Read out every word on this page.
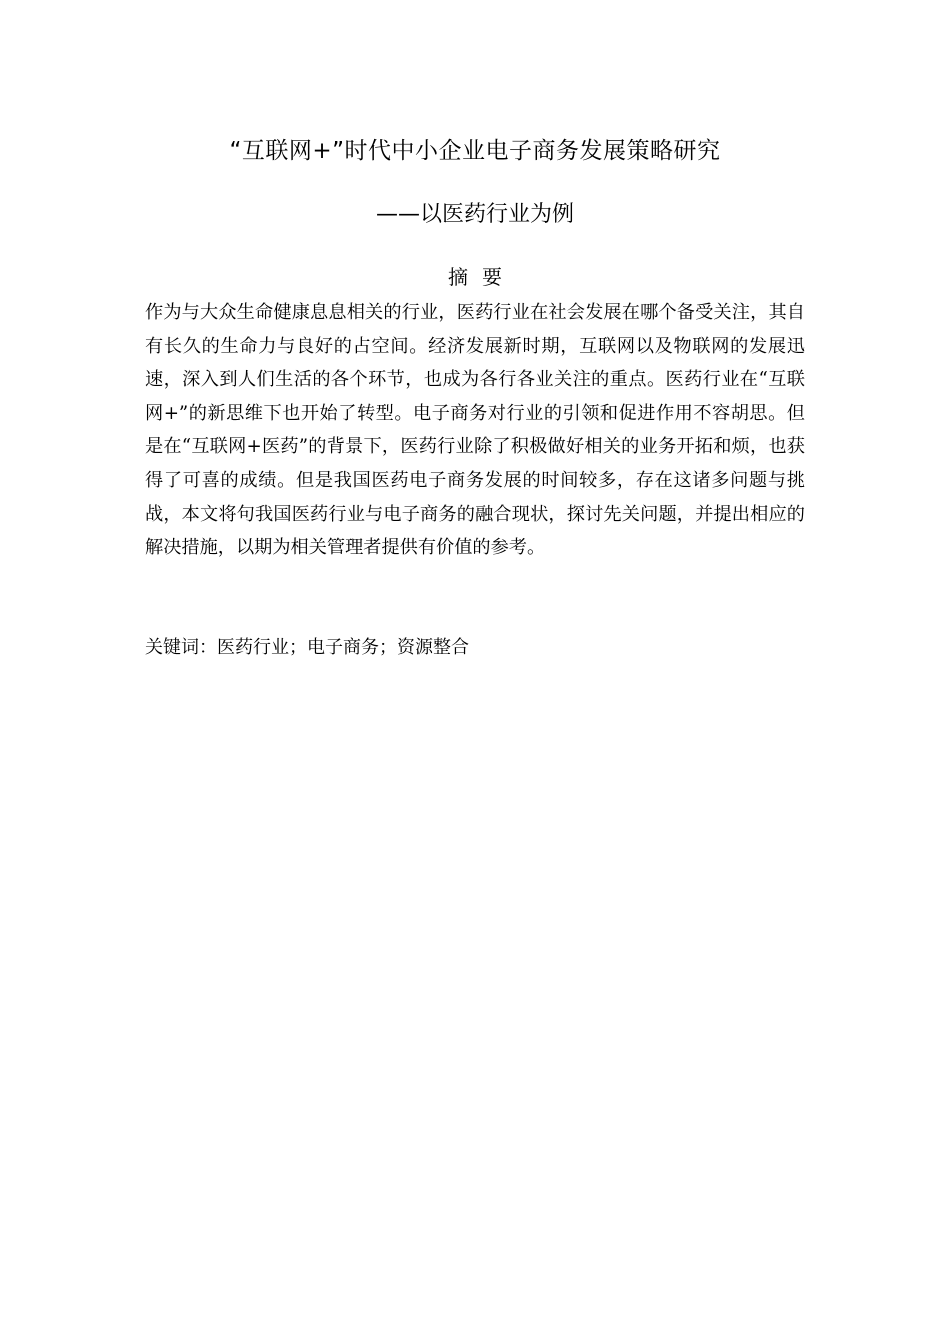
“互联网+”时代中小企业电子商务发展策略研究
——以医药行业为例
摘要

作为与大众生命健康息息相关的行业，医药行业在社会发展在哪个备受关注，其自有长久的生命力与良好的占空间。经济发展新时期，互联网以及物联网的发展迅速，深入到人们生活的各个环节，也成为各行各业关注的重点。医药行业在“互联网+”的新思维下也开始了转型。电子商务对行业的引领和促进作用不容胡思。但是在“互联网+医药”的背景下，医药行业除了积极做好相关的业务开拓和烦，也获得了可喜的成绩。但是我国医药电子商务发展的时间较多，存在这诸多问题与挑战，本文将句我国医药行业与电子商务的融合现状，探讨先关问题，并提出相应的解决措施，以期为相关管理者提供有价值的参考。

关键词：医药行业；电子商务；资源整合
